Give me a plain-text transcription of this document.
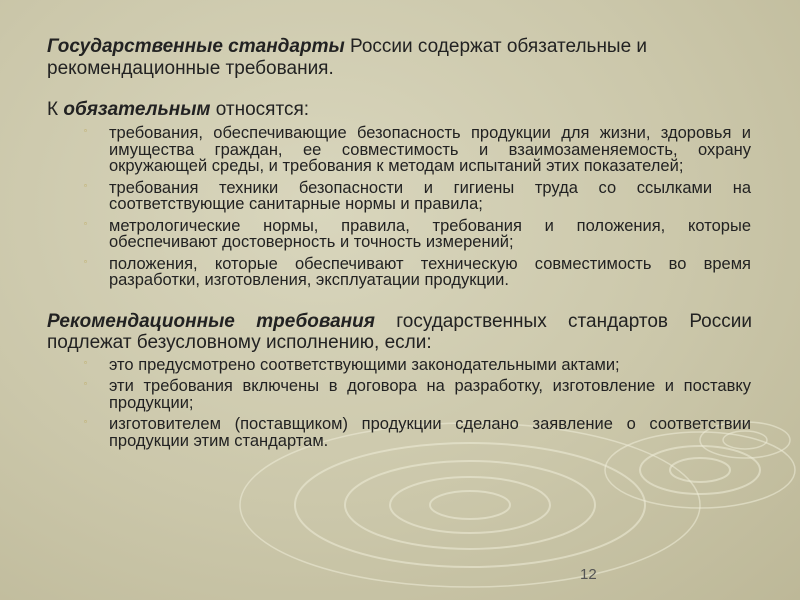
Государственные стандарты России содержат обязательные и рекомендационные требования.

К обязательным относятся:

▫ требования, обеспечивающие безопасность продукции для жизни, здоровья и имущества граждан, ее совместимость и взаимозаменяемость, охрану окружающей среды, и требования к методам испытаний этих показателей;
▫ требования техники безопасности и гигиены труда со ссылками на соответствующие санитарные нормы и правила;
▫ метрологические нормы, правила, требования и положения, которые обеспечивают достоверность и точность измерений;
▫ положения, которые обеспечивают техническую совместимость во время разработки, изготовления, эксплуатации продукции.

Рекомендационные требования государственных стандартов России подлежат безусловному исполнению, если:

▫ это предусмотрено соответствующими законодательными актами;
▫ эти требования включены в договора на разработку, изготовление и поставку продукции;
▫ изготовителем (поставщиком) продукции сделано заявление о соответствии продукции этим стандартам.
12
